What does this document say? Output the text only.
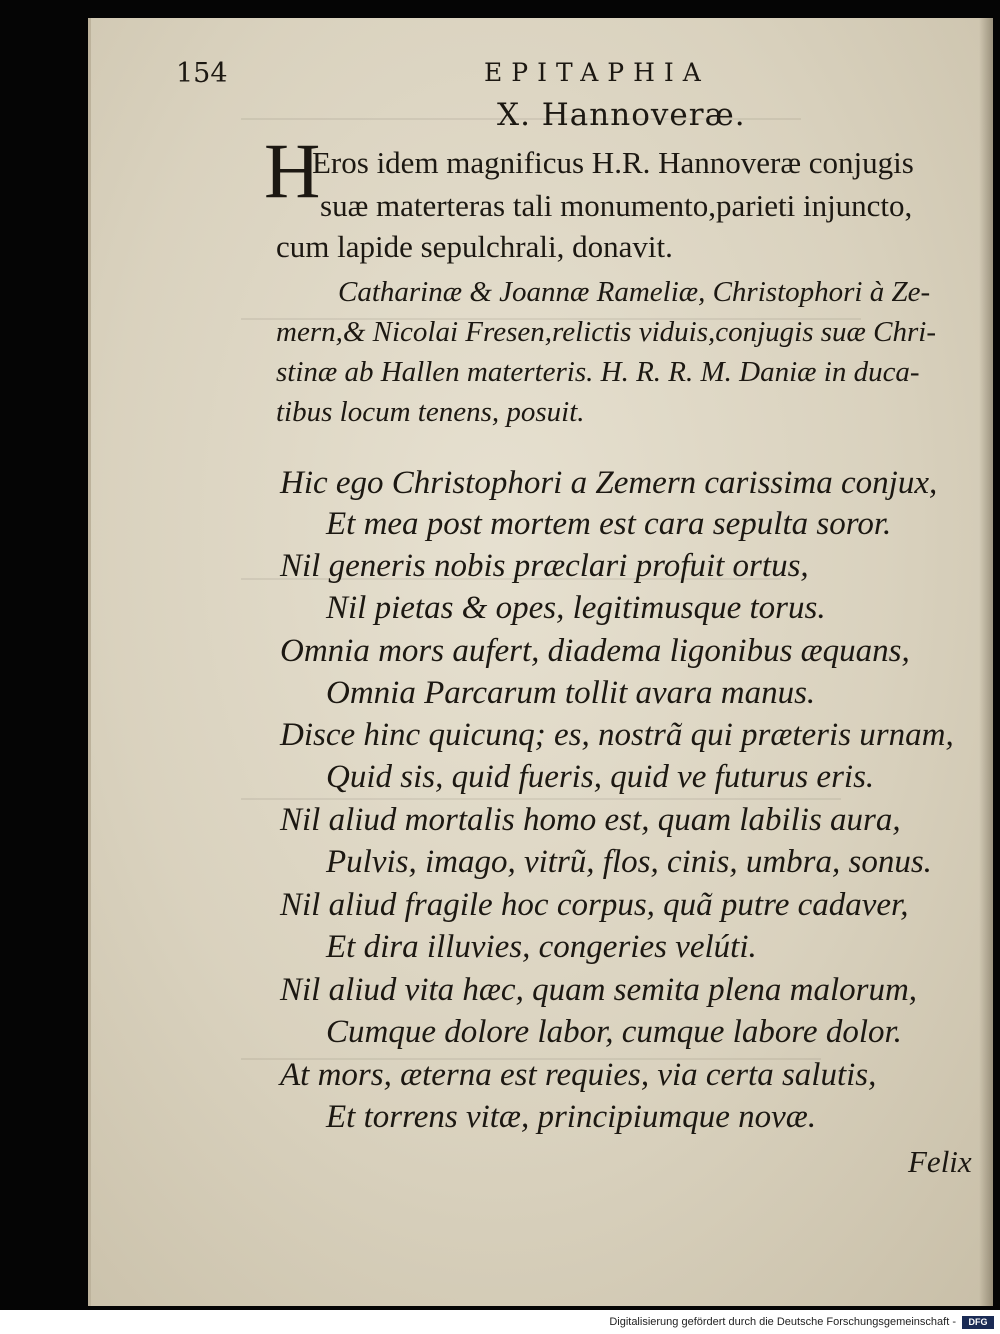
154	EPITAPHIA
X. Hannoveræ.
H
Eros idem magnificus H.R. Hannoveræ conjugis
suæ materteras tali monumento,parieti injuncto,
cum lapide sepulchrali, donavit.
Catharinæ & Joannæ Rameliæ, Christophori à Ze-
mern,& Nicolai Fresen,relictis viduis,conjugis suæ Chri-
stinæ ab Hallen materteris. H. R. R. M. Daniæ in duca-
tibus locum tenens, posuit.
Hic ego Christophori a Zemern carissima conjux,
Et mea post mortem est cara sepulta soror.
Nil generis nobis præclari profuit ortus,
Nil pietas & opes, legitimusque torus.
Omnia mors aufert, diadema ligonibus æquans,
Omnia Parcarum tollit avara manus.
Disce hinc quicunq; es, nostrã qui præteris urnam,
Quid sis, quid fueris, quid ve futurus eris.
Nil aliud mortalis homo est, quam labilis aura,
Pulvis, imago, vitrũ, flos, cinis, umbra, sonus.
Nil aliud fragile hoc corpus, quã putre cadaver,
Et dira illuvies, congeries velúti.
Nil aliud vita hæc, quam semita plena malorum,
Cumque dolore labor, cumque labore dolor.
At mors, æterna est requies, via certa salutis,
Et torrens vitæ, principiumque novæ.
Felix
Digitalisierung gefördert durch die Deutsche Forschungsgemeinschaft -	DFG
